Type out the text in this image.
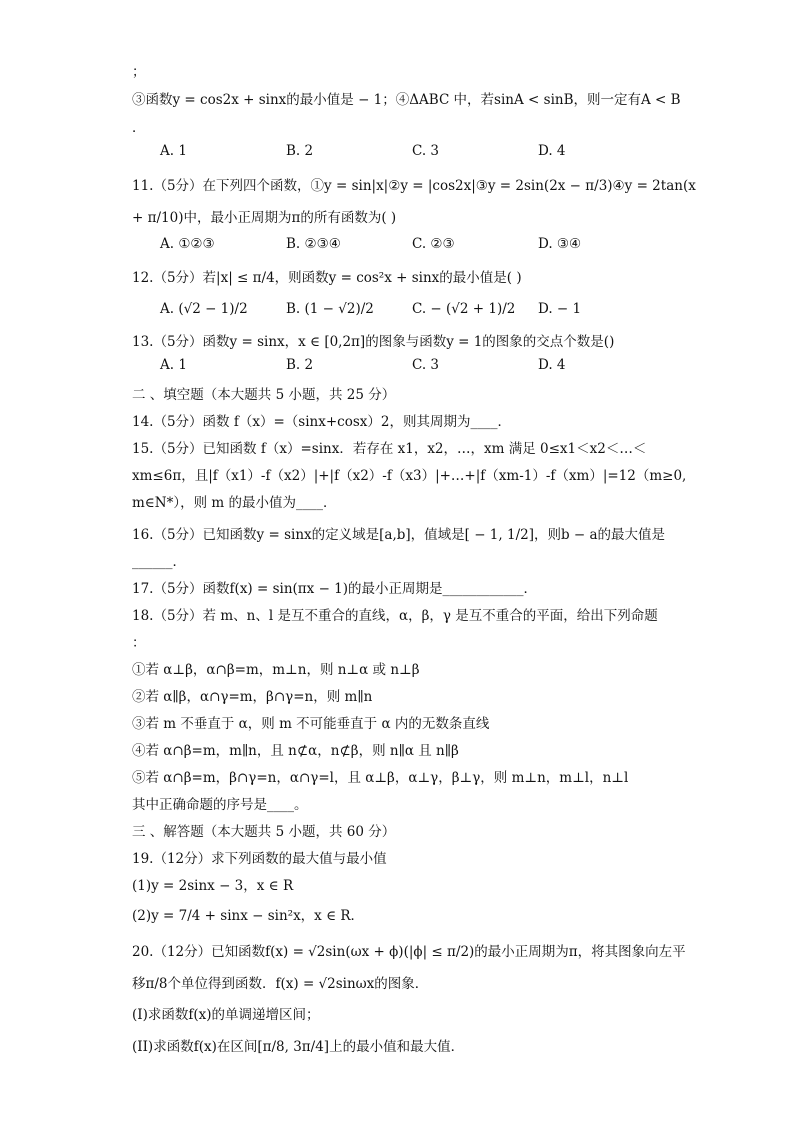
；
③函数y = cos2x + sinx的最小值是 − 1；④ΔABC 中，若sinA < sinB，则一定有A < B
．
A. 1	B. 2	C. 3	D. 4
11.（5分）在下列四个函数，①y = sin|x|②y = |cos2x|③y = 2sin(2x − π/3)④y = 2tan(x
+ π/10)中，最小正周期为π的所有函数为( )
A. ①②③	B. ②③④	C. ②③	D. ③④
12.（5分）若|x| ≤ π/4，则函数y = cos²x + sinx的最小值是( )
A. (√2 − 1)/2	B. (1 − √2)/2	C. − (√2 + 1)/2 D. − 1
13.（5分）函数y = sinx，x ∈ [0,2π]的图象与函数y = 1的图象的交点个数是()
A. 1	B. 2	C. 3	D. 4
二 、填空题（本大题共 5 小题，共 25 分）
14.（5分）函数 f（x）=（sinx+cosx）2，则其周期为____．
15.（5分）已知函数 f（x）=sinx．若存在 x1，x2，…，xm 满足 0≤x1＜x2＜…＜
xm≤6π，且|f（x1）-f（x2）|+|f（x2）-f（x3）|+…+|f（xm-1）-f（xm）|=12（m≥0,
m∈N*），则 m 的最小值为____．
16.（5分）已知函数y = sinx的定义域是[a,b]，值域是[ − 1, 1/2]，则b − a的最大值是
______．
17.（5分）函数f(x) = sin(πx − 1)的最小正周期是____________．
18.（5分）若 m、n、l 是互不重合的直线，α，β，γ 是互不重合的平面，给出下列命题
：
①若 α⊥β，α∩β=m，m⊥n，则 n⊥α 或 n⊥β
②若 α∥β，α∩γ=m，β∩γ=n，则 m∥n
③若 m 不垂直于 α，则 m 不可能垂直于 α 内的无数条直线
④若 α∩β=m，m∥n，且 n⊄α，n⊄β，则 n∥α 且 n∥β
⑤若 α∩β=m，β∩γ=n，α∩γ=l，且 α⊥β，α⊥γ，β⊥γ，则 m⊥n，m⊥l，n⊥l
其中正确命题的序号是____。
三 、解答题（本大题共 5 小题，共 60 分）
19.（12分）求下列函数的最大值与最小值
(1)y = 2sinx − 3，x ∈ R
(2)y = 7/4 + sinx − sin²x，x ∈ R．
20.（12分）已知函数f(x) = √2sin(ωx + ϕ)(|ϕ| ≤ π/2)的最小正周期为π，将其图象向左平
移π/8个单位得到函数．f(x) = √2sinωx的图象．
(I)求函数f(x)的单调递增区间；
(II)求函数f(x)在区间[π/8, 3π/4]上的最小值和最大值．
